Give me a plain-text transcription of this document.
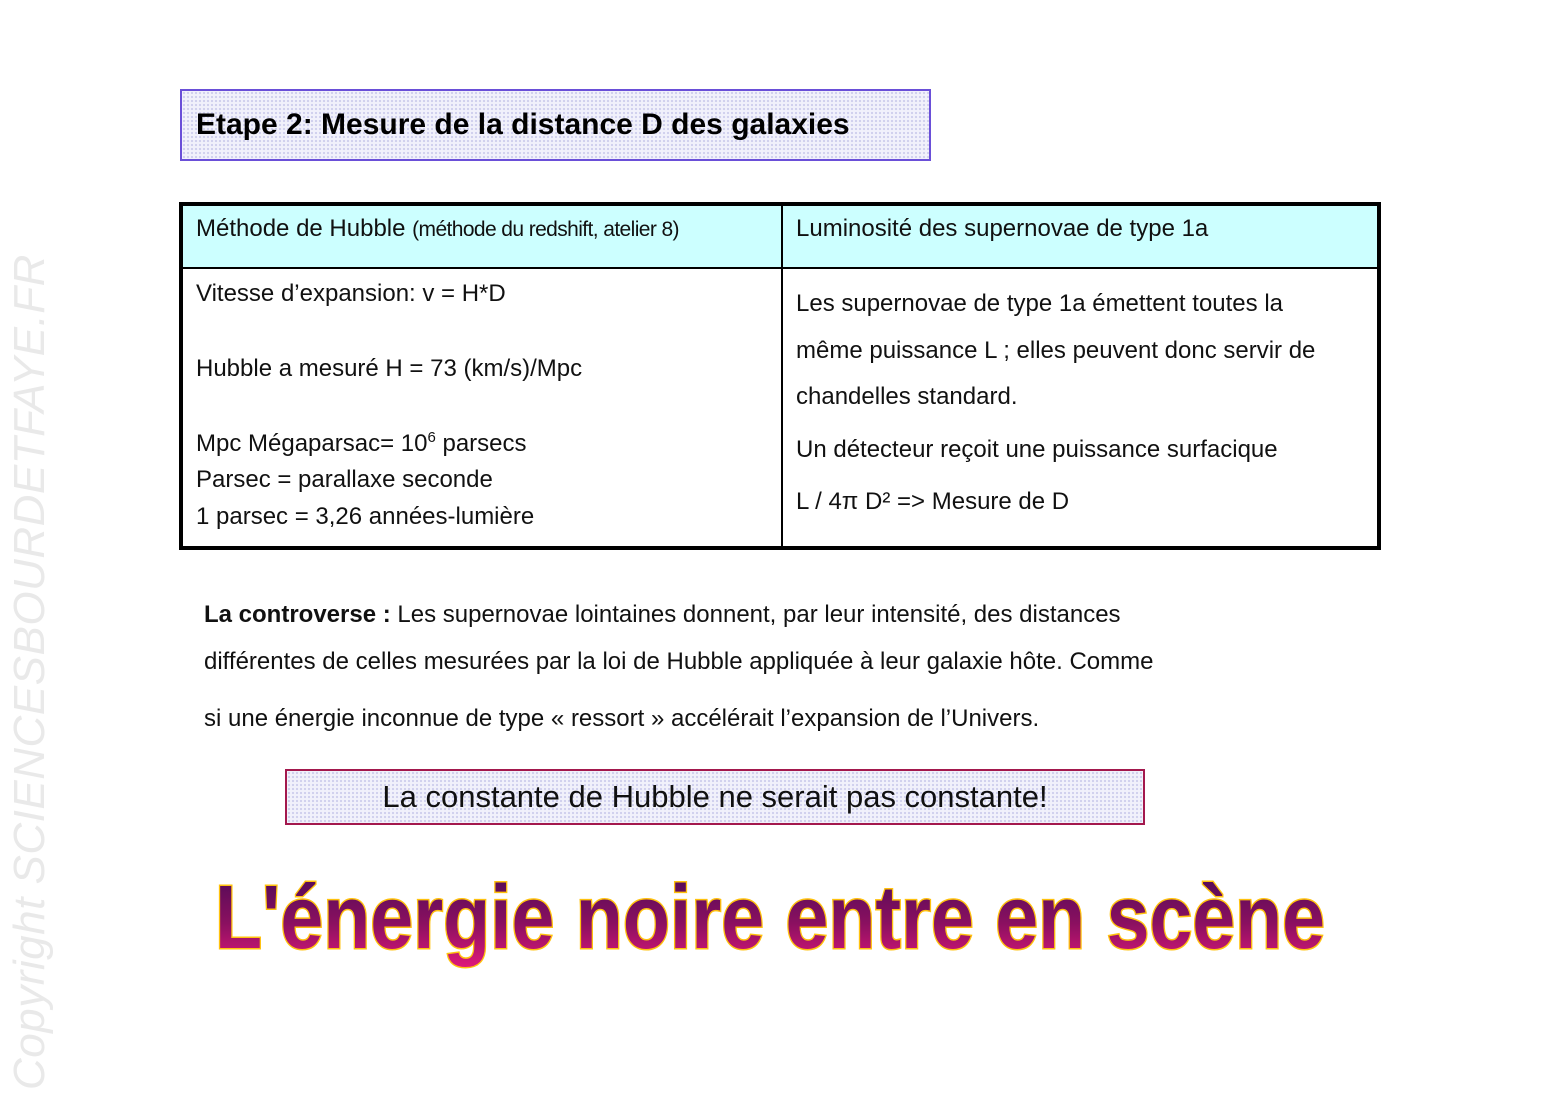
Etape 2: Mesure de la distance D des galaxies
Méthode de Hubble (méthode du redshift, atelier 8)	Luminosité des supernovae de type 1a
Vitesse d’expansion: v = H*D
Hubble a mesuré H = 73 (km/s)/Mpc
Mpc Mégaparsac= $10^6$ parsecs
Parsec = parallaxe seconde
1 parsec = 3,26 années-lumière
Les supernovae de type 1a émettent toutes la
même puissance L ; elles peuvent donc servir de
chandelles standard.
Un détecteur reçoit une puissance surfacique
L / 4π D² => Mesure de D
La controverse : Les supernovae lointaines donnent, par leur intensité, des distances
différentes de celles mesurées par la loi de Hubble appliquée à leur galaxie hôte. Comme
si une énergie inconnue de type « ressort » accélérait l’expansion de l’Univers.
La constante de Hubble ne serait pas constante!
L'énergie noire entre en scène
Copyright SCIENCESBOURDETFAYE.FR
